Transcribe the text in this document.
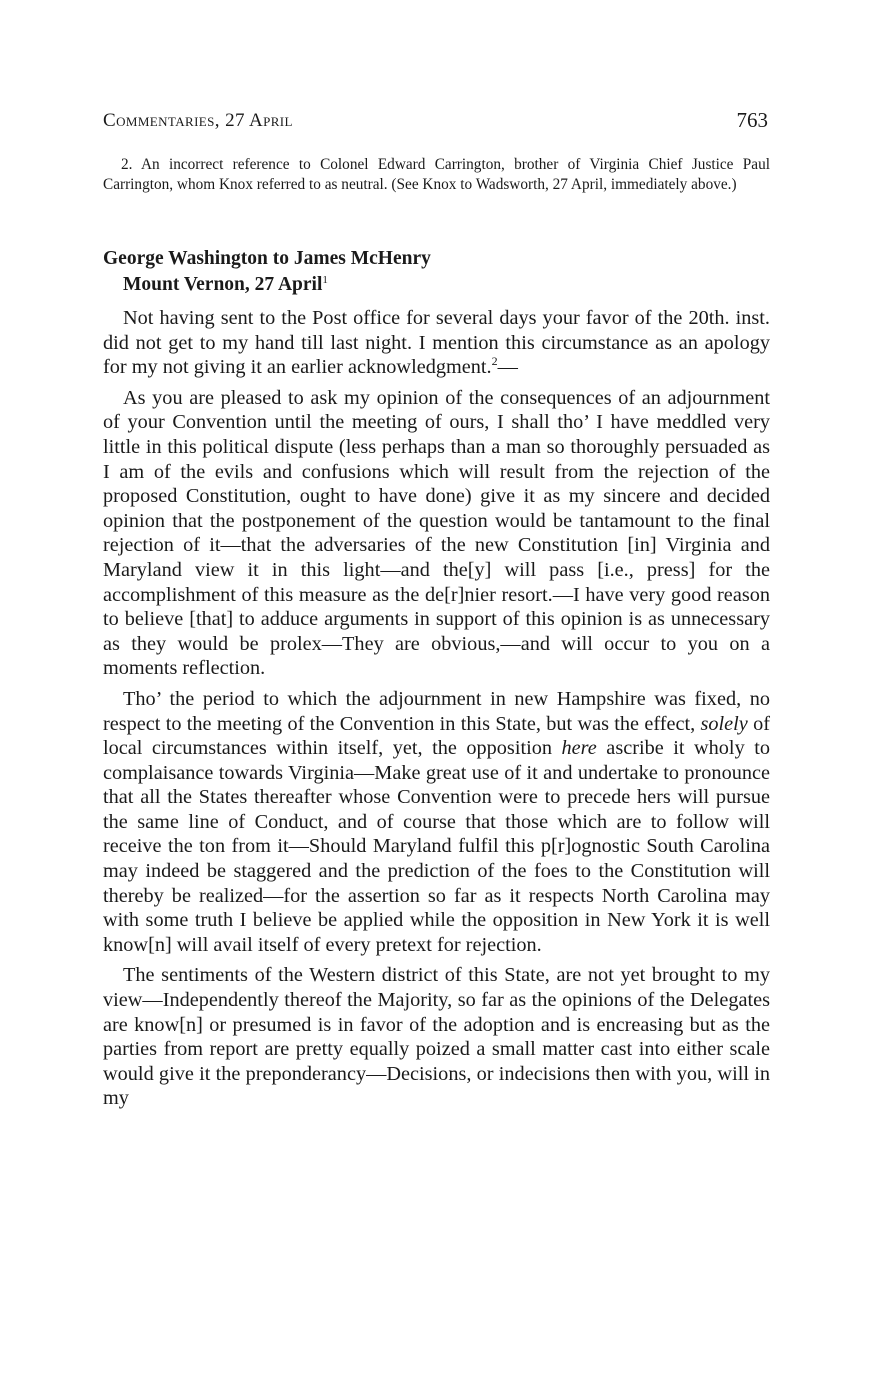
Commentaries, 27 April	763

2. An incorrect reference to Colonel Edward Carrington, brother of Virginia Chief Justice Paul Carrington, whom Knox referred to as neutral. (See Knox to Wadsworth, 27 April, immediately above.)

George Washington to James McHenry
Mount Vernon, 27 April$^1$

Not having sent to the Post office for several days your favor of the 20th. inst. did not get to my hand till last night. I mention this circumstance as an apology for my not giving it an earlier acknowledgment.$^2$—

As you are pleased to ask my opinion of the consequences of an adjournment of your Convention until the meeting of ours, I shall tho’ I have meddled very little in this political dispute (less perhaps than a man so thoroughly persuaded as I am of the evils and confusions which will result from the rejection of the proposed Constitution, ought to have done) give it as my sincere and decided opinion that the postponement of the question would be tantamount to the final rejection of it—that the adversaries of the new Constitution [in] Virginia and Maryland view it in this light—and the[y] will pass [i.e., press] for the accomplishment of this measure as the de[r]nier resort.—I have very good reason to believe [that] to adduce arguments in support of this opinion is as unnecessary as they would be prolex—They are obvious,—and will occur to you on a moments reflection.

Tho’ the period to which the adjournment in new Hampshire was fixed, no respect to the meeting of the Convention in this State, but was the effect, solely of local circumstances within itself, yet, the opposition here ascribe it wholy to complaisance towards Virginia—Make great use of it and undertake to pronounce that all the States thereafter whose Convention were to precede hers will pursue the same line of Conduct, and of course that those which are to follow will receive the ton from it—Should Maryland fulfil this p[r]ognostic South Carolina may indeed be staggered and the prediction of the foes to the Constitution will thereby be realized—for the assertion so far as it respects North Carolina may with some truth I believe be applied while the opposition in New York it is well know[n] will avail itself of every pretext for rejection.

The sentiments of the Western district of this State, are not yet brought to my view—Independently thereof the Majority, so far as the opinions of the Delegates are know[n] or presumed is in favor of the adoption and is encreasing but as the parties from report are pretty equally poized a small matter cast into either scale would give it the preponderancy—Decisions, or indecisions then with you, will in my
